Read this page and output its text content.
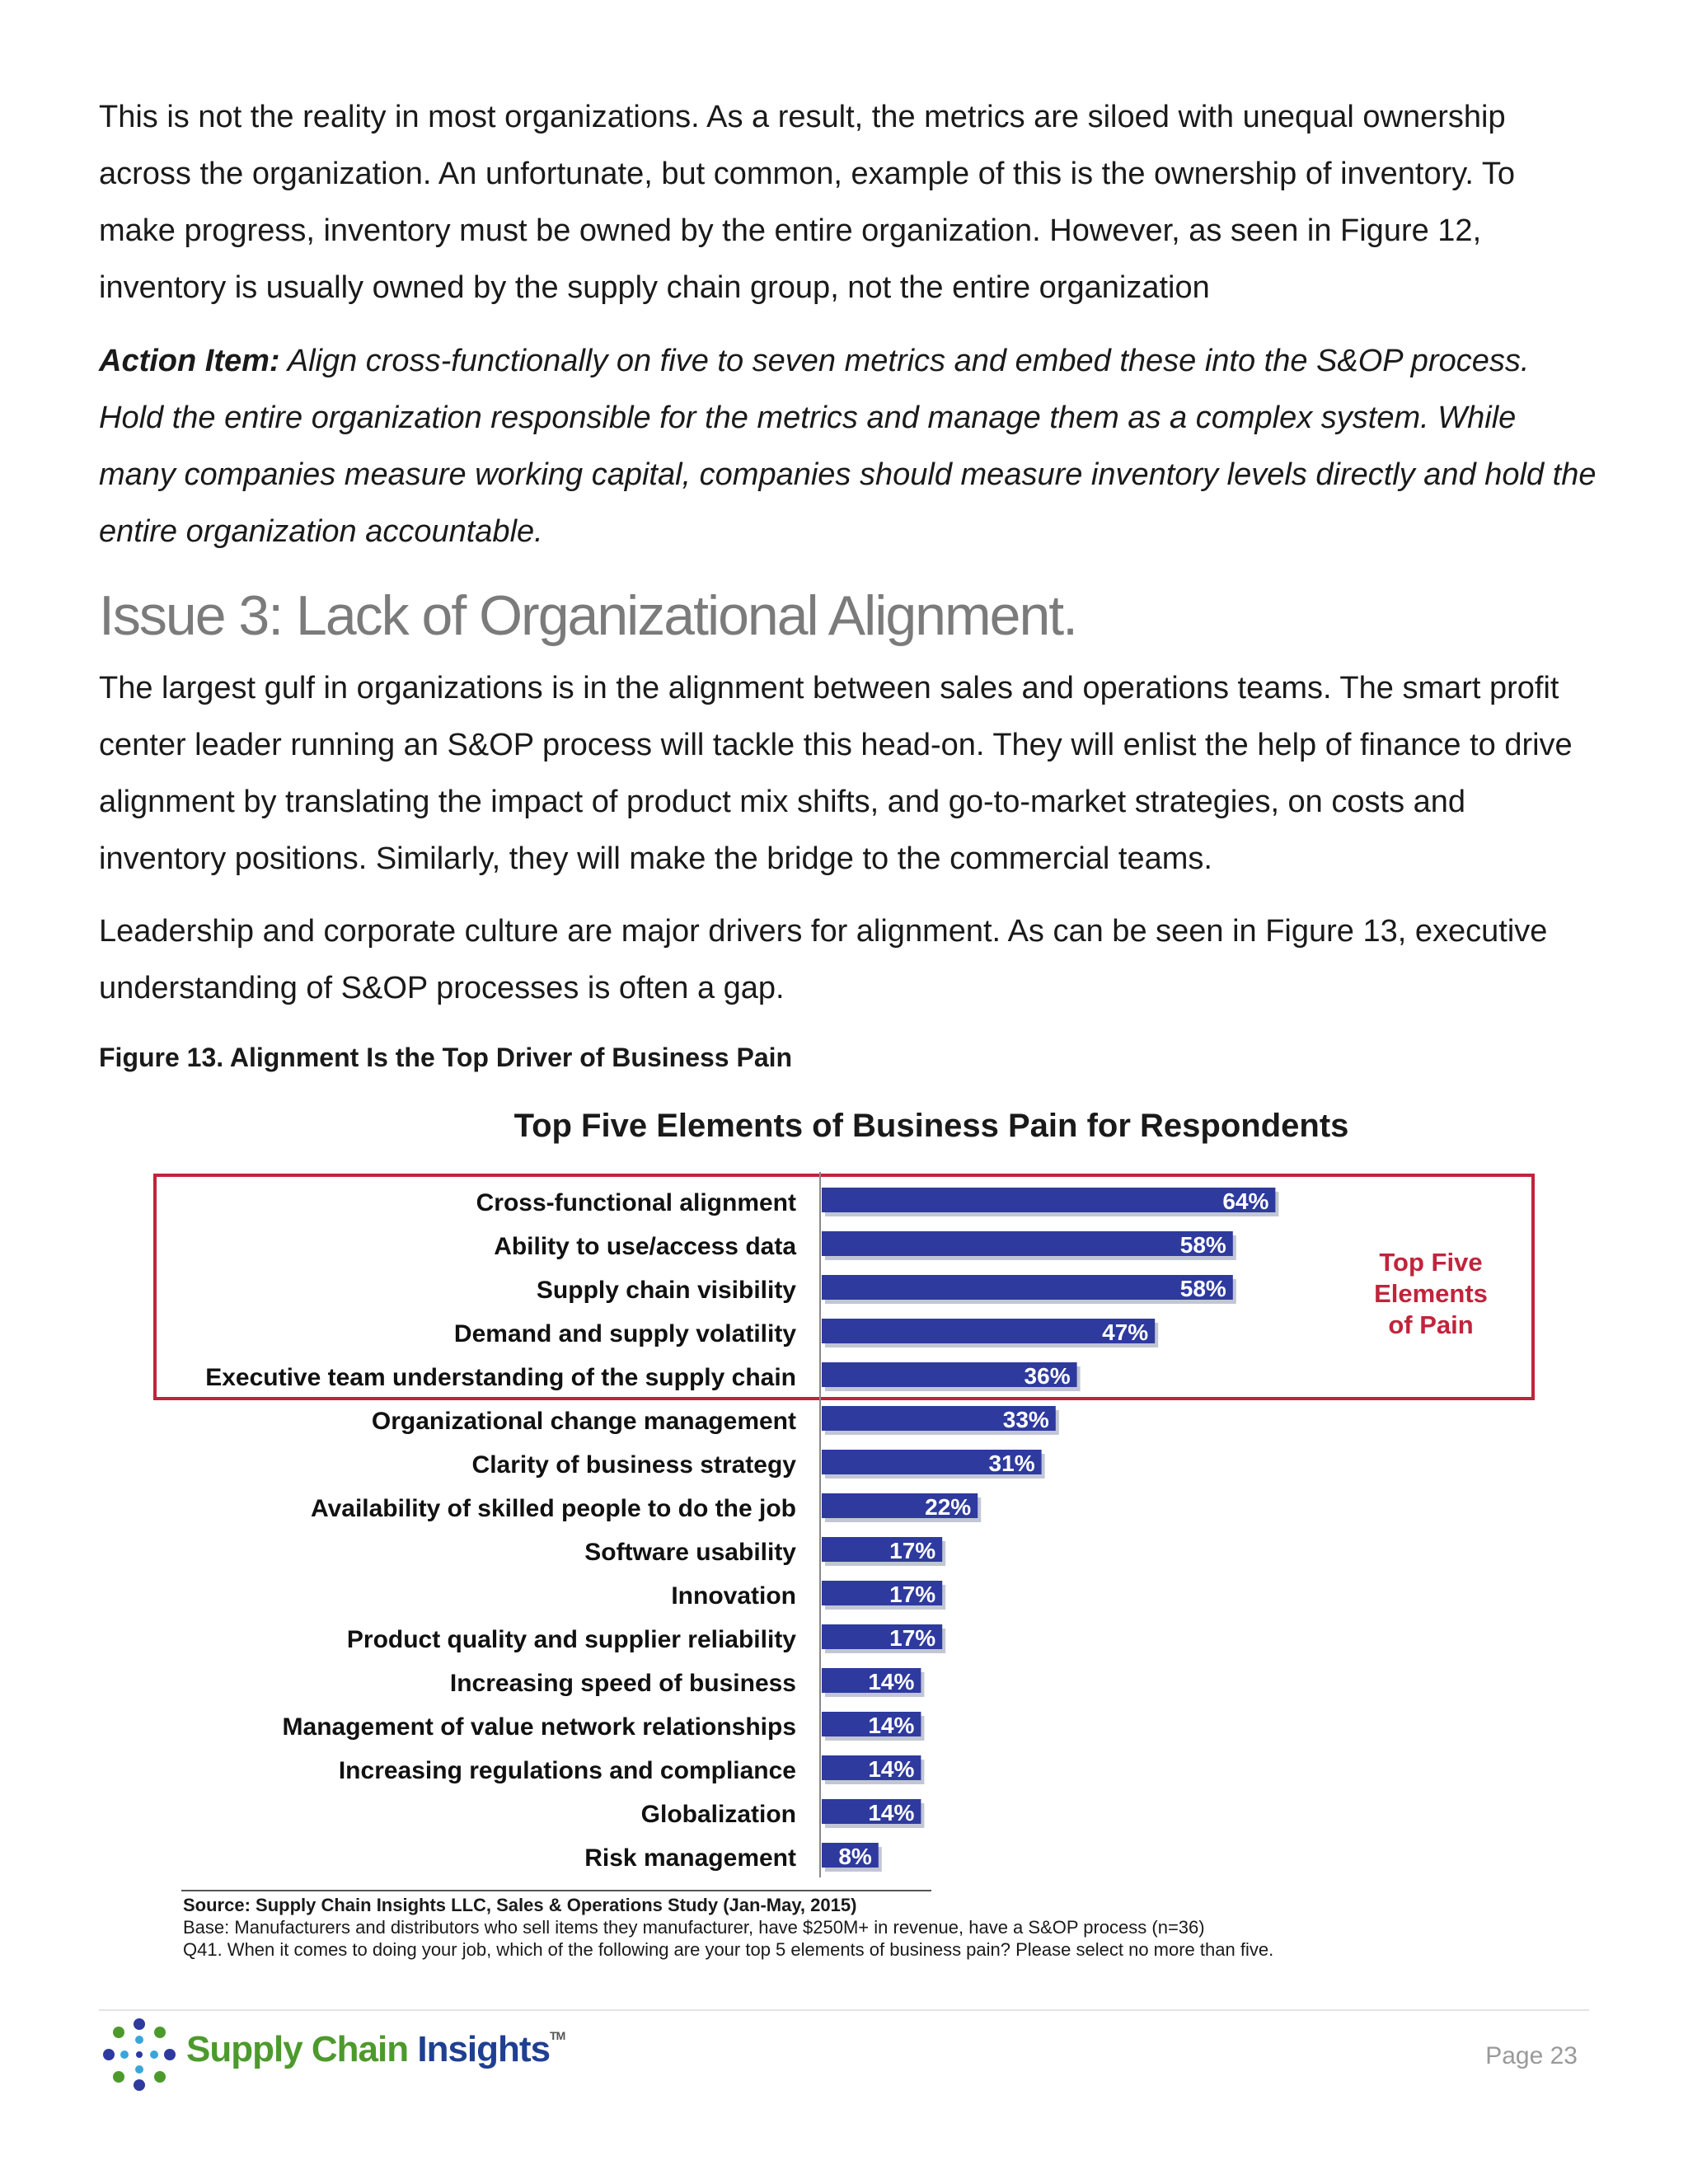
This is not the reality in most organizations. As a result, the metrics are siloed with unequal ownership across the organization. An unfortunate, but common, example of this is the ownership of inventory. To make progress, inventory must be owned by the entire organization. However, as seen in Figure 12, inventory is usually owned by the supply chain group, not the entire organization

Action Item: Align cross-functionally on five to seven metrics and embed these into the S&OP process. Hold the entire organization responsible for the metrics and manage them as a complex system. While many companies measure working capital, companies should measure inventory levels directly and hold the entire organization accountable.

Issue 3: Lack of Organizational Alignment.

The largest gulf in organizations is in the alignment between sales and operations teams. The smart profit center leader running an S&OP process will tackle this head-on. They will enlist the help of finance to drive alignment by translating the impact of product mix shifts, and go-to-market strategies, on costs and inventory positions. Similarly, they will make the bridge to the commercial teams.

Leadership and corporate culture are major drivers for alignment. As can be seen in Figure 13, executive understanding of S&OP processes is often a gap.

Figure 13. Alignment Is the Top Driver of Business Pain

Top Five Elements of Business Pain for Respondents

Cross-functional alignment	64%
Ability to use/access data	58%
Supply chain visibility	58%
Demand and supply volatility	47%
Executive team understanding of the supply chain	36%
Organizational change management	33%
Clarity of business strategy	31%
Availability of skilled people to do the job	22%
Software usability	17%
Innovation	17%
Product quality and supplier reliability	17%
Increasing speed of business	14%
Management of value network relationships	14%
Increasing regulations and compliance	14%
Globalization	14%
Risk management 8%
Top Five
Elements
of Pain
Source: Supply Chain Insights LLC, Sales & Operations Study (Jan-May, 2015)
Base: Manufacturers and distributors who sell items they manufacturer, have $250M+ in revenue, have a S&OP process (n=36)
Q41. When it comes to doing your job, which of the following are your top 5 elements of business pain? Please select no more than five.
Supply Chain Insights™
Page 23
